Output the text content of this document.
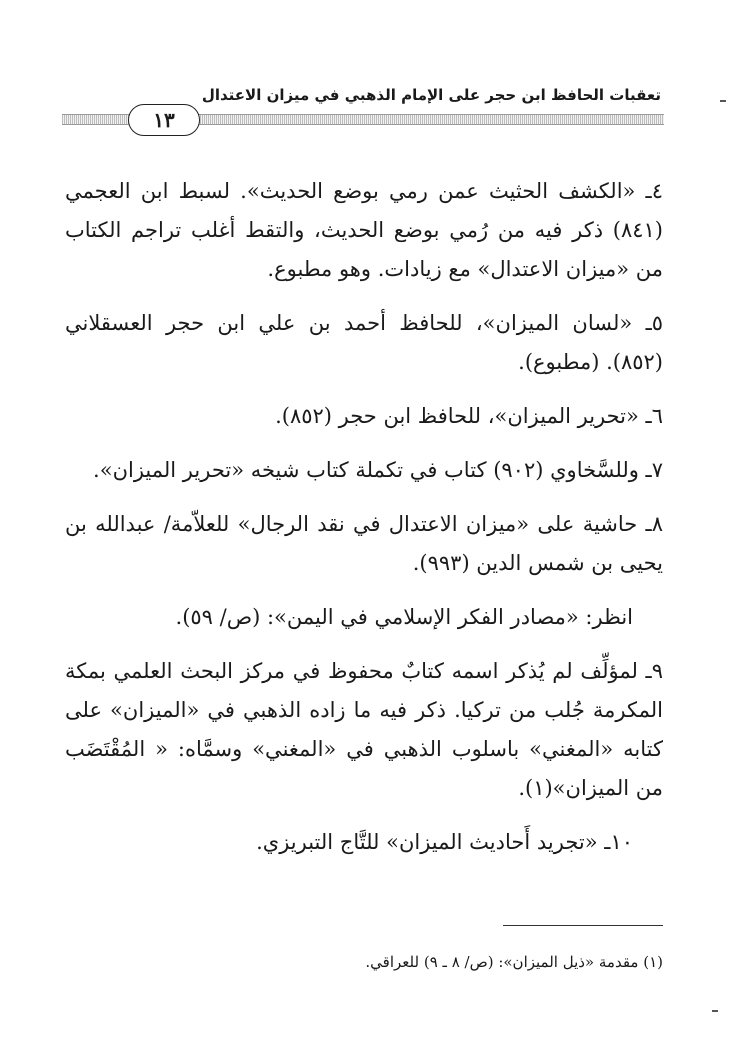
تعقبات الحافظ ابن حجر على الإمام الذهبي في ميزان الاعتدال
١٣

٤ـ «الكشف الحثيث عمن رمي بوضع الحديث». لسبط ابن العجمي (٨٤١) ذكر فيه من رُمي بوضع الحديث، والتقط أغلب تراجم الكتاب من «ميزان الاعتدال» مع زيادات. وهو مطبوع.

٥ـ «لسان الميزان»، للحافظ أحمد بن علي ابن حجر العسقلاني (٨٥٢). (مطبوع).

٦ـ «تحرير الميزان»، للحافظ ابن حجر (٨٥٢).

٧ـ وللسَّخاوي (٩٠٢) كتاب في تكملة كتاب شيخه «تحرير الميزان».

٨ـ حاشية على «ميزان الاعتدال في نقد الرجال» للعلاّمة/ عبدالله بن يحيى بن شمس الدين (٩٩٣).

انظر: «مصادر الفكر الإسلامي في اليمن»: (ص/ ٥٩).

٩ـ لمؤلِّف لم يُذكر اسمه كتابٌ محفوظ في مركز البحث العلمي بمكة المكرمة جُلب من تركيا. ذكر فيه ما زاده الذهبي في «الميزان» على كتابه «المغني» باسلوب الذهبي في «المغني» وسمَّاه: « المُقْتَضَب من الميزان»(١).

١٠ـ «تجريد أَحاديث الميزان» للتَّاج التبريزي.

(١) مقدمة «ذيل الميزان»: (ص/ ٨ ـ ٩) للعراقي.
